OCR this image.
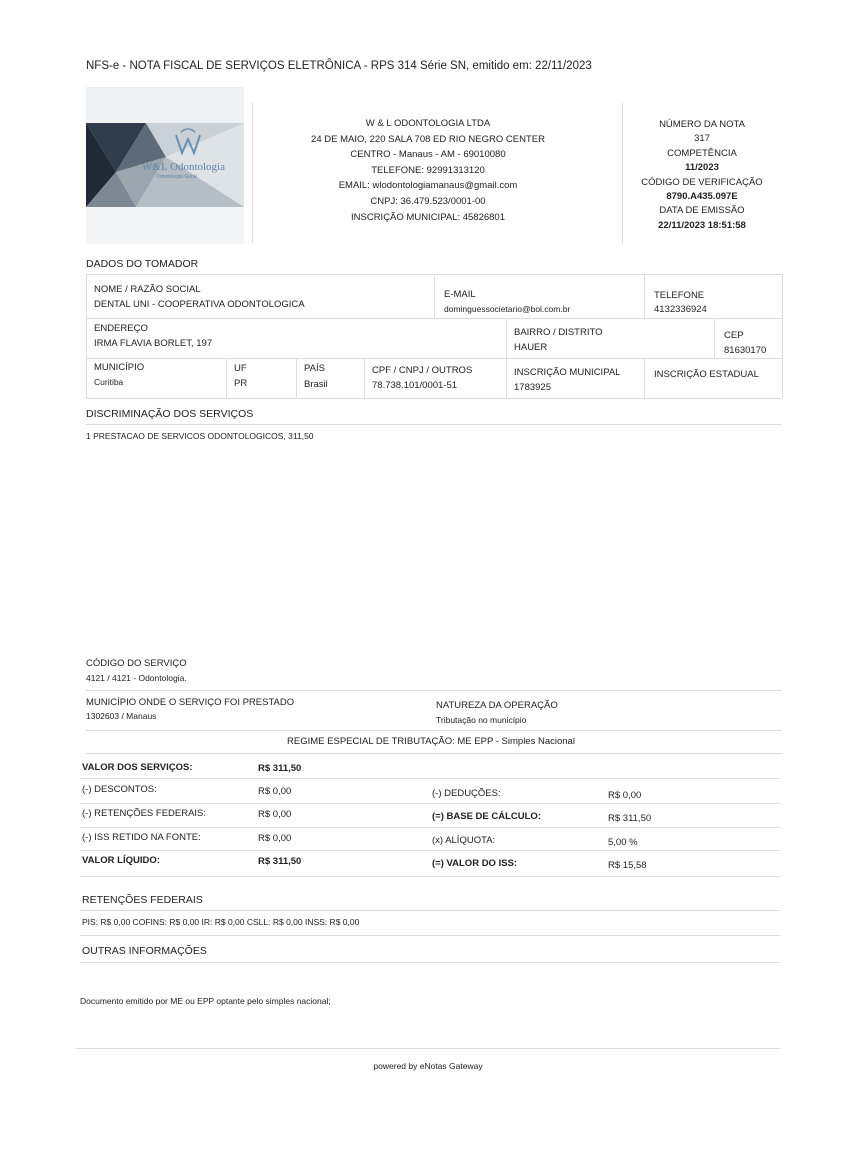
NFS-e - NOTA FISCAL DE SERVIÇOS ELETRÔNICA - RPS 314 Série SN, emitido em: 22/11/2023
W&L Odontologia
Odontologia Geral
W & L ODONTOLOGIA LTDA
24 DE MAIO, 220 SALA 708 ED RIO NEGRO CENTER
CENTRO - Manaus - AM - 69010080
TELEFONE: 92991313120
EMAIL: wlodontologiamanaus@gmail.com
CNPJ: 36.479.523/0001-00
INSCRIÇÃO MUNICIPAL: 45826801
NÚMERO DA NOTA
317
COMPETÊNCIA
11/2023
CÓDIGO DE VERIFICAÇÃO
8790.A435.097E
DATA DE EMISSÃO
22/11/2023 18:51:58
DADOS DO TOMADOR
NOME / RAZÃO SOCIAL
DENTAL UNI - COOPERATIVA ODONTOLOGICA
E-MAIL
dominguessocietario@bol.com.br
TELEFONE
4132336924
ENDEREÇO
IRMA FLAVIA BORLET, 197
BAIRRO / DISTRITO
HAUER
CEP
81630170
MUNICÍPIO
Curitiba
UF
PR
PAÍS
Brasil
CPF / CNPJ / OUTROS
78.738.101/0001-51
INSCRIÇÃO MUNICIPAL
1783925
INSCRIÇÃO ESTADUAL
DISCRIMINAÇÃO DOS SERVIÇOS
1 PRESTACAO DE SERVICOS ODONTOLOGICOS, 311,50
CÓDIGO DO SERVIÇO
4121 / 4121 - Odontologia.
MUNICÍPIO ONDE O SERVIÇO FOI PRESTADO
1302603 / Manaus
NATUREZA DA OPERAÇÃO
Tributação no município
REGIME ESPECIAL DE TRIBUTAÇÃO: ME EPP - Simples Nacional
VALOR DOS SERVIÇOS:	R$ 311,50
(-) DESCONTOS:	R$ 0,00	(-) DEDUÇÕES:	R$ 0,00
(-) RETENÇÕES FEDERAIS:	R$ 0,00	(=) BASE DE CÁLCULO:	R$ 311,50
(-) ISS RETIDO NA FONTE:	R$ 0,00	(x) ALÍQUOTA:	5,00 %
VALOR LÍQUIDO:	R$ 311,50	(=) VALOR DO ISS:	R$ 15,58
RETENÇÕES FEDERAIS
PIS: R$ 0,00 COFINS: R$ 0,00 IR: R$ 0,00 CSLL: R$ 0,00 INSS: R$ 0,00
OUTRAS INFORMAÇÕES
Documento emitido por ME ou EPP optante pelo simples nacional;
powered by eNotas Gateway
